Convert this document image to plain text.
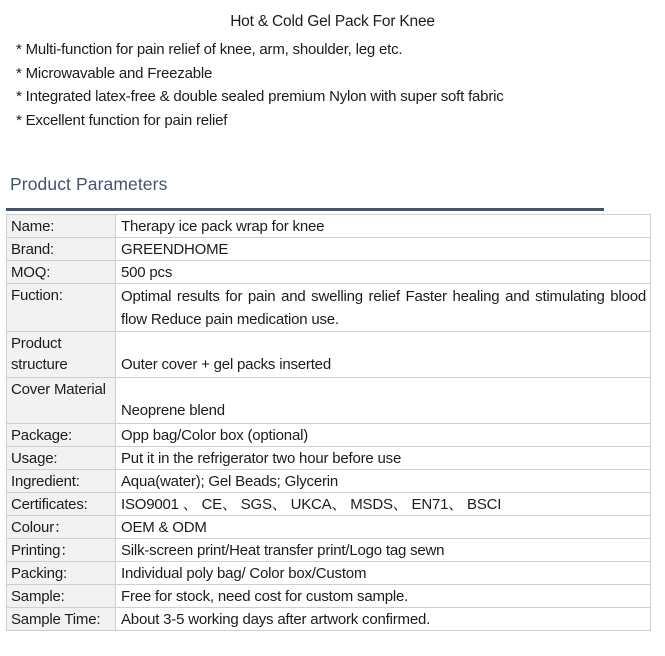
Hot & Cold Gel Pack For Knee
* Multi-function for pain relief of knee, arm, shoulder, leg etc.
* Microwavable and Freezable
* Integrated latex-free & double sealed premium Nylon with super soft fabric
* Excellent function for pain relief
Product Parameters
Name:	Therapy ice pack wrap for knee
Brand:	GREENDHOME
MOQ:	500 pcs
Fuction:	Optimal results for pain and swelling relief Faster healing and stimulating blood flow Reduce pain medication use.
Product structure	Outer cover + gel packs inserted
Cover Material	Neoprene blend
Package:	Opp bag/Color box (optional)
Usage:	Put it in the refrigerator two hour before use
Ingredient:	Aqua(water); Gel Beads; Glycerin
Certificates:	ISO9001 、 CE、 SGS、 UKCA、 MSDS、 EN71、 BSCI
Colour：	OEM & ODM
Printing：	Silk-screen print/Heat transfer print/Logo tag sewn
Packing:	Individual poly bag/ Color box/Custom
Sample:	Free for stock, need cost for custom sample.
Sample Time:	About 3-5 working days after artwork confirmed.
